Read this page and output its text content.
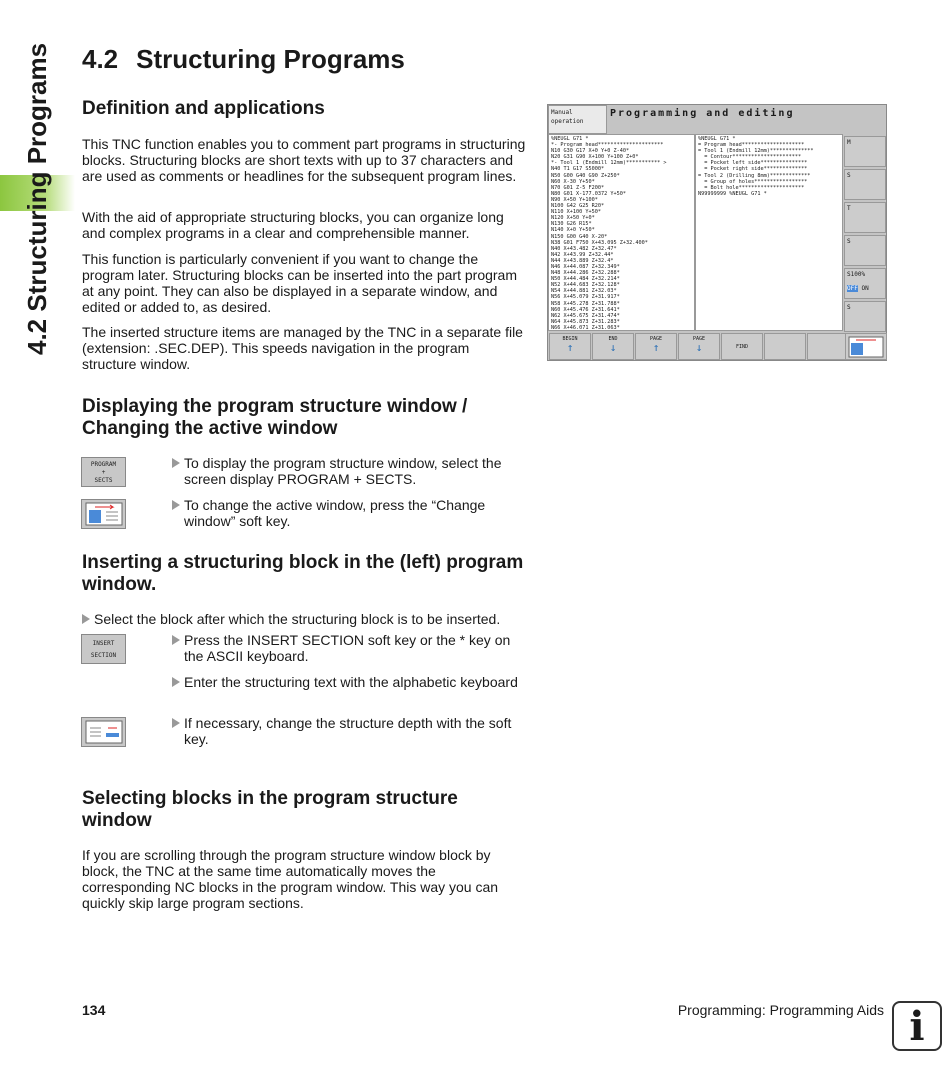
4.2 Structuring Programs 4.2 Structuring Programs
Definition and applications
This TNC function enables you to comment part programs in structuring blocks. Structuring blocks are short texts with up to 37 characters and are used as comments or headlines for the subsequent program lines.
With the aid of appropriate structuring blocks, you can organize long and complex programs in a clear and comprehensible manner.
This function is particularly convenient if you want to change the program later. Structuring blocks can be inserted into the part program at any point. They can also be displayed in a separate window, and edited or added to, as desired.
The inserted structure items are managed by the TNC in a separate file (extension: .SEC.DEP). This speeds navigation in the program structure window.
Displaying the program structure window / Changing the active window
PROGRAM
+
SECTS
To display the program structure window, select the screen display PROGRAM + SECTS.
To change the active window, press the “Change window” soft key.
Inserting a structuring block in the (left) program window.
Select the block after which the structuring block is to be inserted.
INSERT
SECTION
Press the INSERT SECTION soft key or the * key on the ASCII keyboard.
Enter the structuring text with the alphabetic keyboard
If necessary, change the structure depth with the soft key.
Selecting blocks in the program structure window
If you are scrolling through the program structure window block by block, the TNC at the same time automatically moves the corresponding NC blocks in the program window. This way you can quickly skip large program sections.
Manual
operation
Programming and editing
%NEUGL G71 *
*- Program head*********************
N10 G30 G17 X+0 Y+0 Z-40*
N20 G31 G90 X+100 Y+100 Z+0*
*- Tool 1 (Endmill 12mm)*********** >
N40 T1 G17 S5000*
N50 G00 G40 G90 Z+250*
N60 X-30 Y+50*
N70 G01 Z-5 F200*
N80 G01 X-177.0372 Y+50*
N90 X+50 Y+100*
N100 G42 G25 R20*
N110 X+100 Y+50*
N120 X+50 Y+0*
N130 G26 R15*
N140 X+0 Y+50*
N150 G00 G40 X-20*
N38 G01 F750 X+43.095 Z+32.400*
N40 X+43.482 Z+32.47*
N42 X+43.99 Z+32.44*
N44 X+43.889 Z+32.4*
N46 X+44.087 Z+32.349*
N48 X+44.286 Z+32.288*
N50 X+44.484 Z+32.214*
N52 X+44.683 Z+32.128*
N54 X+44.881 Z+32.03*
N56 X+45.079 Z+31.917*
N58 X+45.278 Z+31.788*
N60 X+45.476 Z+31.641*
N62 X+45.675 Z+31.474*
N64 X+45.873 Z+31.283*
N66 X+46.071 Z+31.063*
%NEUGL G71 *
= Program head********************
= Tool 1 (Endmill 12mm)**************
= Contour**********************
= Pocket left side***************
= Pocket right side**************
= Tool 2 (Drilling 8mm)*************
= Group of holes*****************
= Bolt hole*********************
N99999999 %NEUGL G71 *
M
S
T
S
S100%

OFF ON
S
BEGIN
↑
END
↓
PAGE
↑
PAGE
↓	FIND
134	Programming: Programming Aids i
